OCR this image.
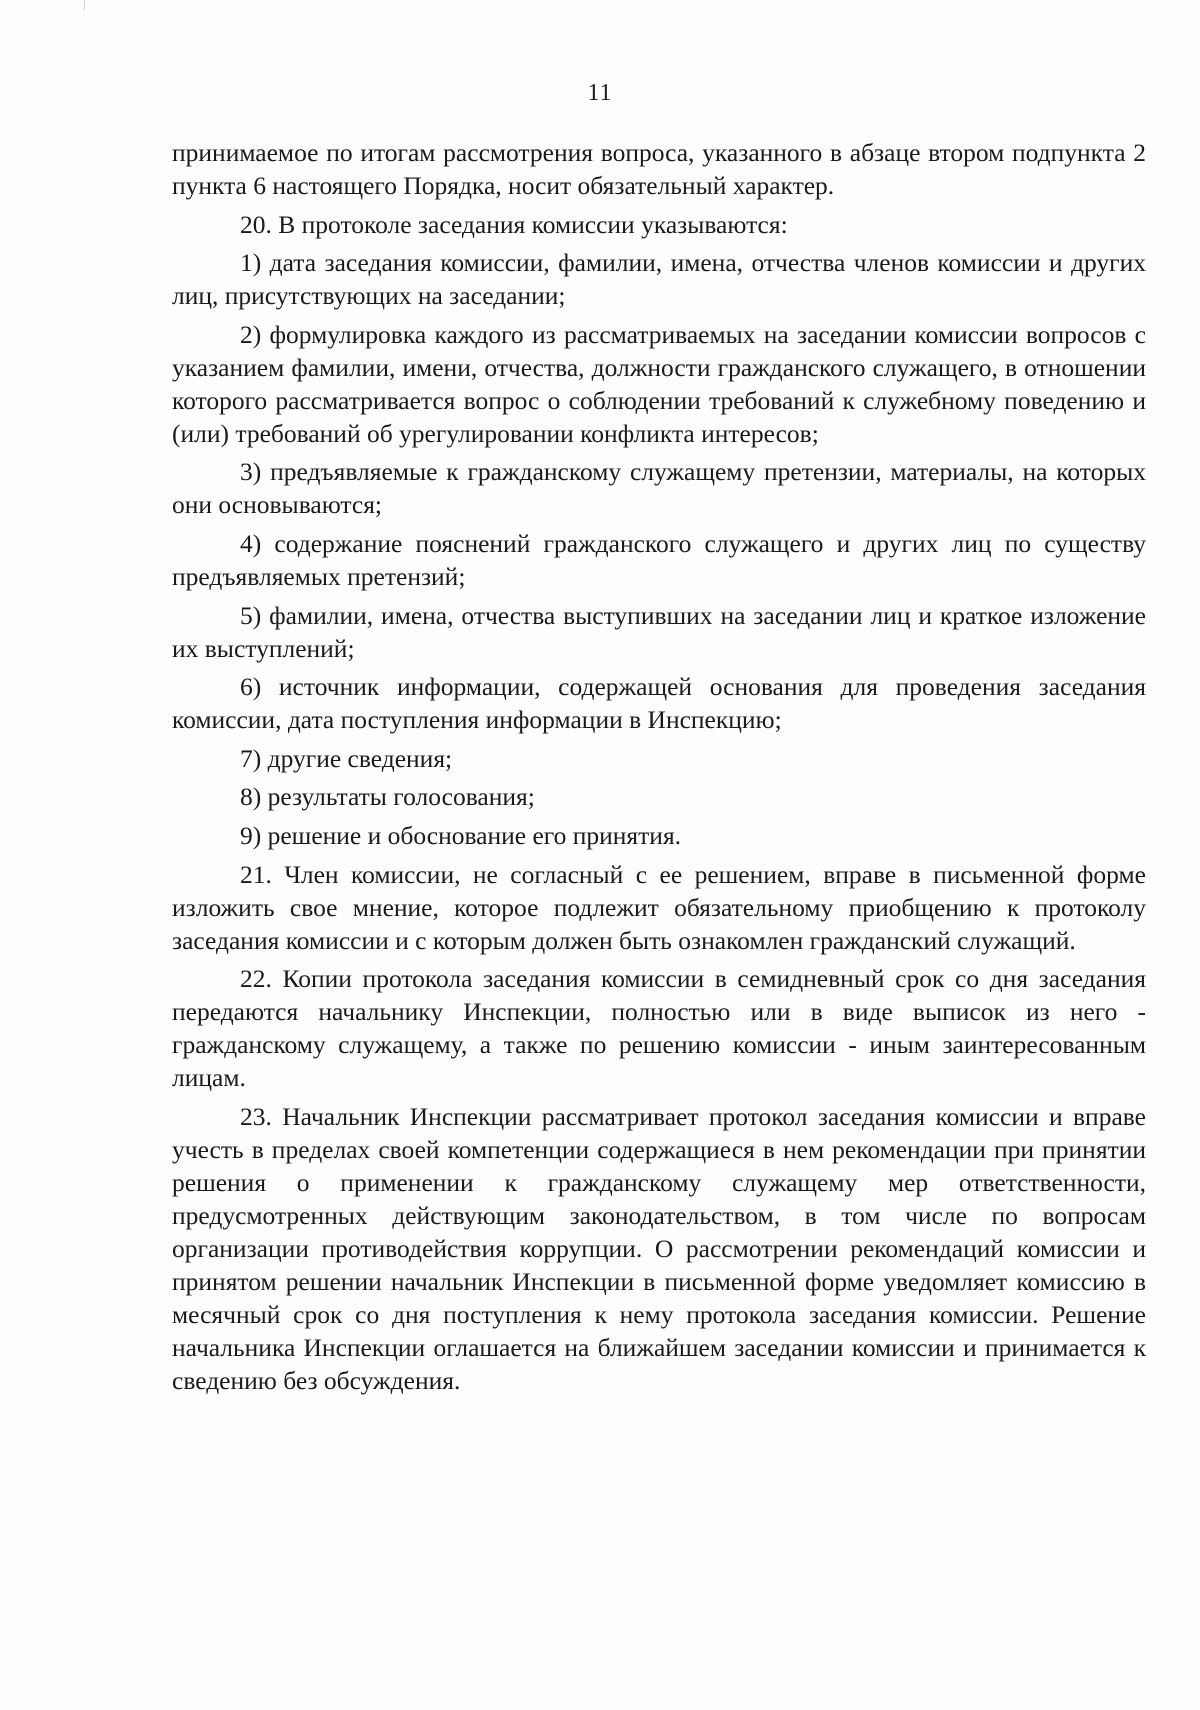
11

принимаемое по итогам рассмотрения вопроса, указанного в абзаце втором подпункта 2 пункта 6 настоящего Порядка, носит обязательный характер.

20. В протоколе заседания комиссии указываются:

1) дата заседания комиссии, фамилии, имена, отчества членов комиссии и других лиц, присутствующих на заседании;

2) формулировка каждого из рассматриваемых на заседании комиссии вопросов с указанием фамилии, имени, отчества, должности гражданского служащего, в отношении которого рассматривается вопрос о соблюдении требований к служебному поведению и (или) требований об урегулировании конфликта интересов;

3) предъявляемые к гражданскому служащему претензии, материалы, на которых они основываются;

4) содержание пояснений гражданского служащего и других лиц по существу предъявляемых претензий;

5) фамилии, имена, отчества выступивших на заседании лиц и краткое изложение их выступлений;

6) источник информации, содержащей основания для проведения заседания комиссии, дата поступления информации в Инспекцию;

7) другие сведения;

8) результаты голосования;

9) решение и обоснование его принятия.

21. Член комиссии, не согласный с ее решением, вправе в письменной форме изложить свое мнение, которое подлежит обязательному приобщению к протоколу заседания комиссии и с которым должен быть ознакомлен гражданский служащий.

22. Копии протокола заседания комиссии в семидневный срок со дня заседания передаются начальнику Инспекции, полностью или в виде выписок из него - гражданскому служащему, а также по решению комиссии - иным заинтересованным лицам.

23. Начальник Инспекции рассматривает протокол заседания комиссии и вправе учесть в пределах своей компетенции содержащиеся в нем рекомендации при принятии решения о применении к гражданскому служащему мер ответственности, предусмотренных действующим законодательством, в том числе по вопросам организации противодействия коррупции. О рассмотрении рекомендаций комиссии и принятом решении начальник Инспекции в письменной форме уведомляет комиссию в месячный срок со дня поступления к нему протокола заседания комиссии. Решение начальника Инспекции оглашается на ближайшем заседании комиссии и принимается к сведению без обсуждения.
